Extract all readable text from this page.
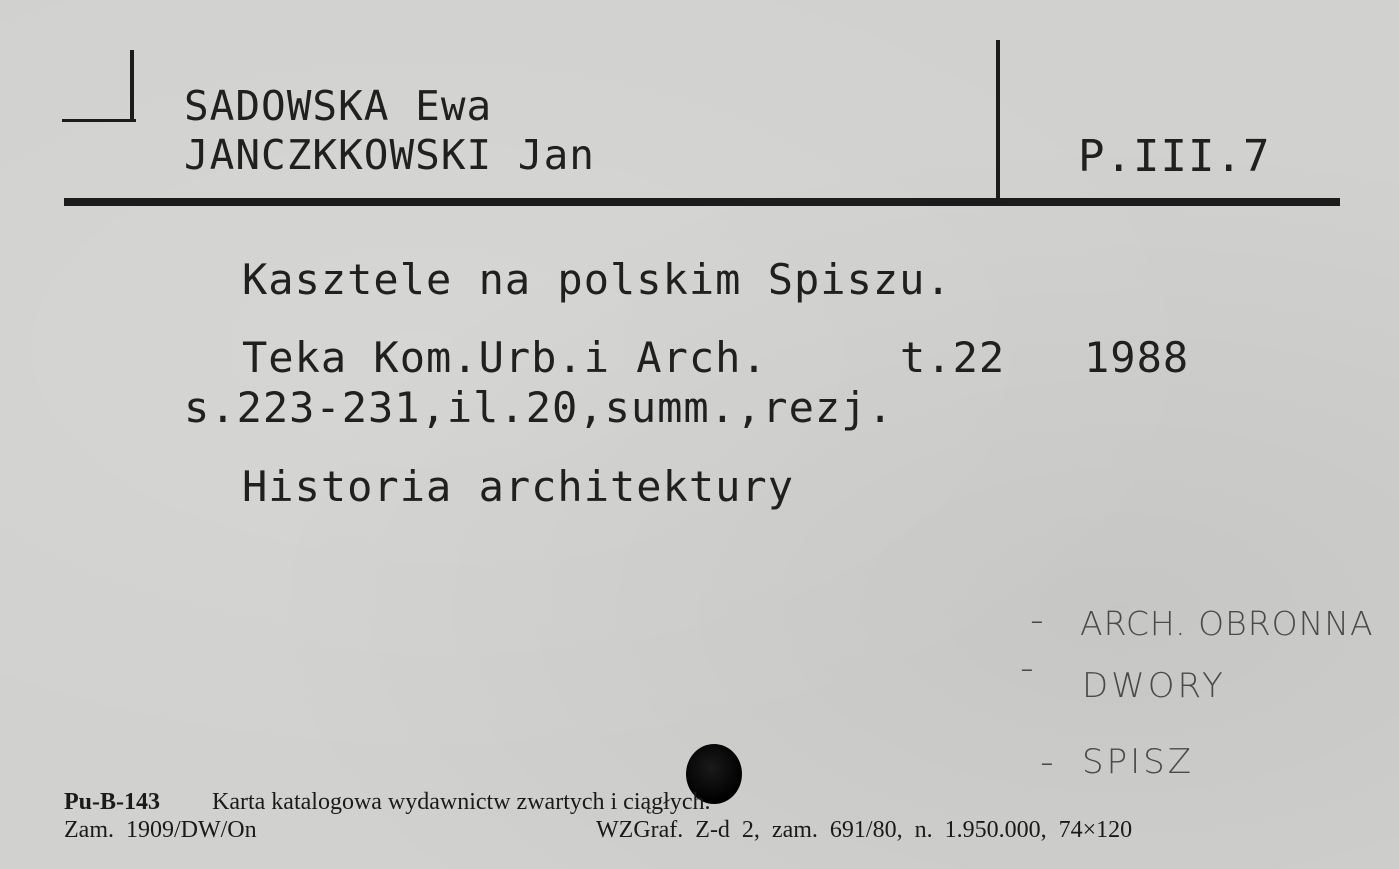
SADOWSKA Ewa
JANCZKKOWSKI Jan	P.III.7
Kasztele na polskim Spiszu.
Teka Kom.Urb.i Arch.	t.22 1988
s.223-231,il.20,summ.,rezj.
Historia architektury
- ARCH. OBRONNA
- DWORY
- SPISZ
Pu-B-143 Karta katalogowa wydawnictw zwartych i ciągłych.
Zam.  1909/DW/On	WZGraf.  Z-d  2,  zam.  691/80,  n.  1.950.000,  74×120
